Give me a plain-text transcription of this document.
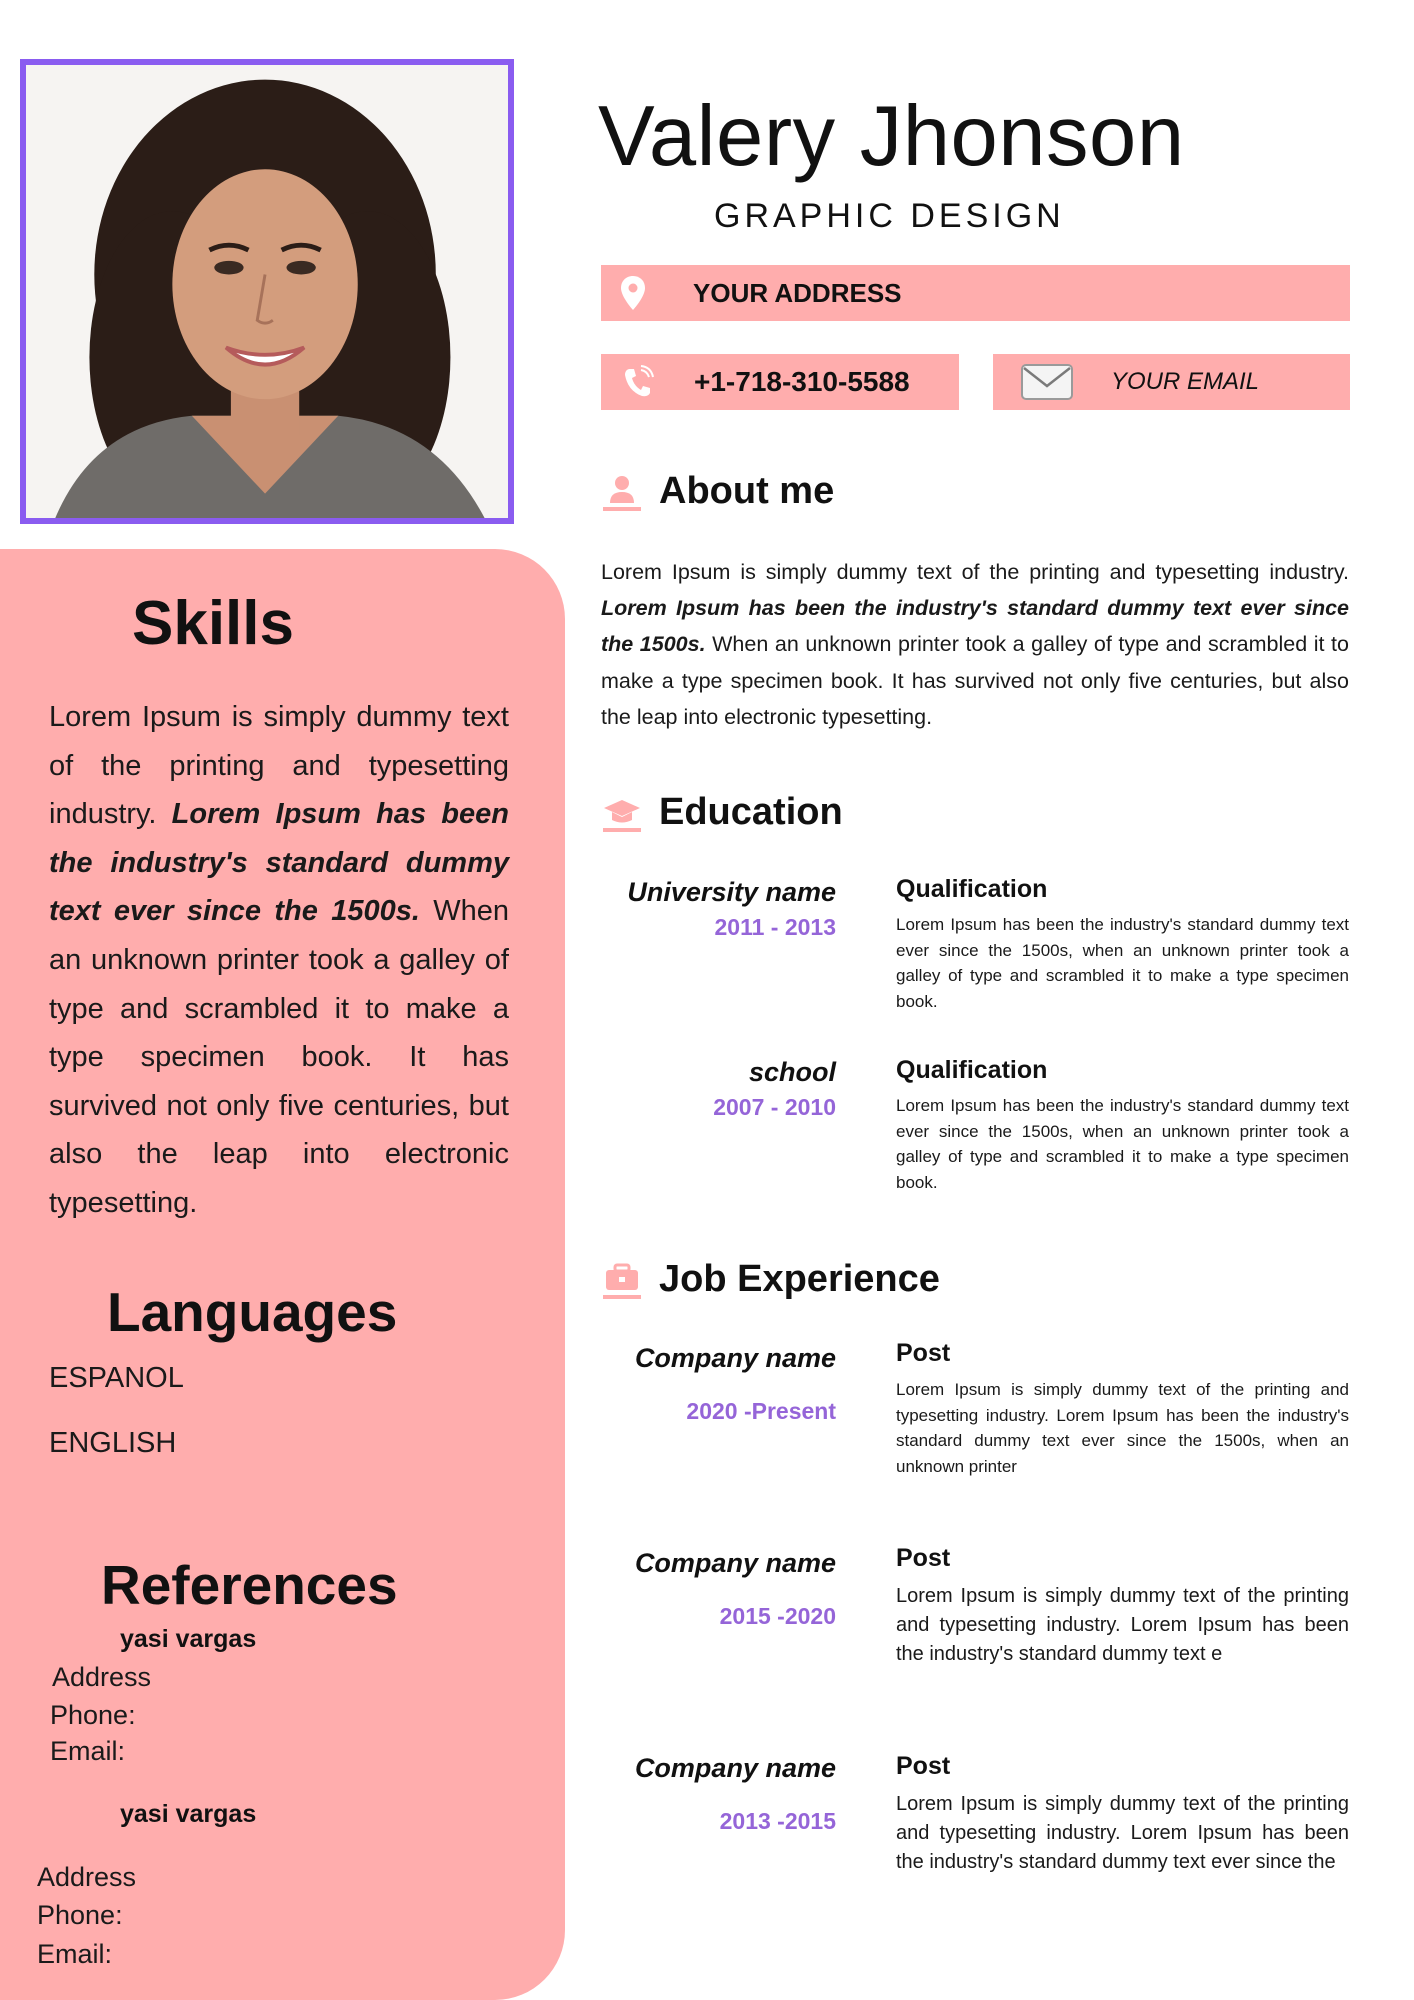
Skills

Lorem Ipsum is simply dummy text of the printing and typesetting industry. Lorem Ipsum has been the industry's standard dummy text ever since the 1500s. When an unknown printer took a galley of type and scrambled it to make a type specimen book. It has survived not only five centuries, but also the leap into electronic typesetting.

Languages
ESPANOL
ENGLISH
References
yasi vargas
Address
Phone:
Email:
yasi vargas
Address
Phone:
Email:
Valery Jhonson
GRAPHIC DESIGN
YOUR ADDRESS
+1-718-310-5588	YOUR EMAIL
About me

Lorem Ipsum is simply dummy text of the printing and typesetting industry. Lorem Ipsum has been the industry's standard dummy text ever since the 1500s. When an unknown printer took a galley of type and scrambled it to make a type specimen book. It has survived not only five centuries, but also the leap into electronic typesetting.

Education
University name
2011 - 2013
Qualification
Lorem Ipsum has been the industry's standard dummy text ever since the 1500s, when an unknown printer took a galley of type and scrambled it to make a type specimen book.
school
2007 - 2010
Qualification
Lorem Ipsum has been the industry's standard dummy text ever since the 1500s, when an unknown printer took a galley of type and scrambled it to make a type specimen book.
Job Experience
Company name
2020 -Present
Post
Lorem Ipsum is simply dummy text of the printing and typesetting industry. Lorem Ipsum has been the industry's standard dummy text ever since the 1500s, when an unknown printer
Company name
2015 -2020
Post
Lorem Ipsum is simply dummy text of the printing and typesetting industry. Lorem Ipsum has been the industry's standard dummy text e
Company name
2013 -2015
Post
Lorem Ipsum is simply dummy text of the printing and typesetting industry. Lorem Ipsum has been the industry's standard dummy text ever since the
